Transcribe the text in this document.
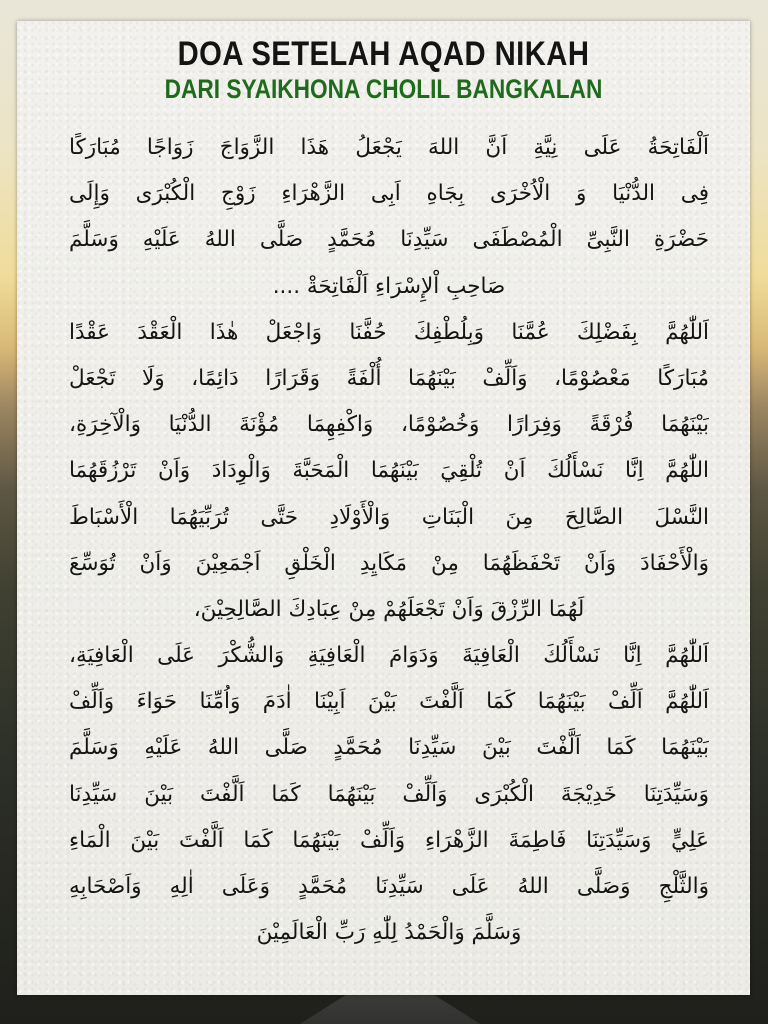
DOA SETELAH AQAD NIKAH
DARI SYAIKHONA CHOLIL BANGKALAN
اَلْفَاتِحَةُ عَلَى نِيَّةِ اَنَّ اللهَ يَجْعَلُ هَذَا الزَّوَاجَ زَوَاجًا مُبَارَكًا
فِى الدُّنْيَا وَ الْاُخْرَى بِجَاهِ اَبِى الزَّهْرَاءِ زَوْجِ الْكُبْرَى وَإِلَى
حَضْرَةِ النَّبِىِّ الْمُصْطَفَى سَيِّدِنَا مُحَمَّدٍ صَلَّى اللهُ عَلَيْهِ وَسَلَّمَ
صَاحِبِ اْلإِسْرَاءِ اَلْفَاتِحَةْ ....
اَللّٰهُمَّ بِفَضْلِكَ عُمَّنَا وَبِلُطْفِكَ حُفَّنَا وَاجْعَلْ هٰذَا الْعَقْدَ عَقْدًا
مُبَارَكًا مَعْصُوْمًا، وَاَلِّفْ بَيْنَهُمَا أُلْفَةً وَقَرَارًا دَائِمًا، وَلَا تَجْعَلْ
بَيْنَهُمَا فُرْقَةً وَفِرَارًا وَخُصُوْمًا، وَاكْفِهِمَا مُؤْنَةَ الدُّنْيَا وَالْآخِرَةِ،
اللّٰهُمَّ اِنَّا نَسْأَلُكَ اَنْ تُلْقِيَ بَيْنَهُمَا الْمَحَبَّةَ وَالْوِدَادَ وَاَنْ تَرْزُقَهُمَا
النَّسْلَ الصَّالِحَ مِنَ الْبَنَاتِ وَالْأَوْلَادِ حَتَّى تُرَبِّيَهُمَا الْأَسْبَاطَ
وَالْأَحْفَادَ وَاَنْ تَحْفَظَهُمَا مِنْ مَكَايِدِ الْخَلْقِ اَجْمَعِيْنَ وَاَنْ تُوَسِّعَ
لَهُمَا الرِّزْقَ وَاَنْ تَجْعَلَهُمْ مِنْ عِبَادِكَ الصَّالِحِيْنَ،
اَللّٰهُمَّ اِنَّا نَسْأَلُكَ الْعَافِيَةَ وَدَوَامَ الْعَافِيَةِ وَالشُّكْرَ عَلَى الْعَافِيَةِ،
اَللّٰهُمَّ اَلِّفْ بَيْنَهُمَا كَمَا اَلَّفْتَ بَيْنَ اَبِيْنَا اٰدَمَ وَاُمِّنَا حَوَاءَ وَاَلِّفْ
بَيْنَهُمَا كَمَا اَلَّفْتَ بَيْنَ سَيِّدِنَا مُحَمَّدٍ صَلَّى اللهُ عَلَيْهِ وَسَلَّمَ
وَسَيِّدَتِنَا خَدِيْجَةَ الْكُبْرَى وَاَلِّفْ بَيْنَهُمَا كَمَا اَلَّفْتَ بَيْنَ سَيِّدِنَا
عَلِيٍّ وَسَيِّدَتِنَا فَاطِمَةَ الزَّهْرَاءِ وَاَلِّفْ بَيْنَهُمَا كَمَا اَلَّفْتَ بَيْنَ الْمَاءِ
وَالثَّلْجِ وَصَلَّى اللهُ عَلَى سَيِّدِنَا مُحَمَّدٍ وَعَلَى اٰلِهِ وَاَصْحَابِهِ
وَسَلَّمَ وَالْحَمْدُ لِلّٰهِ رَبِّ الْعَالَمِيْنَ
